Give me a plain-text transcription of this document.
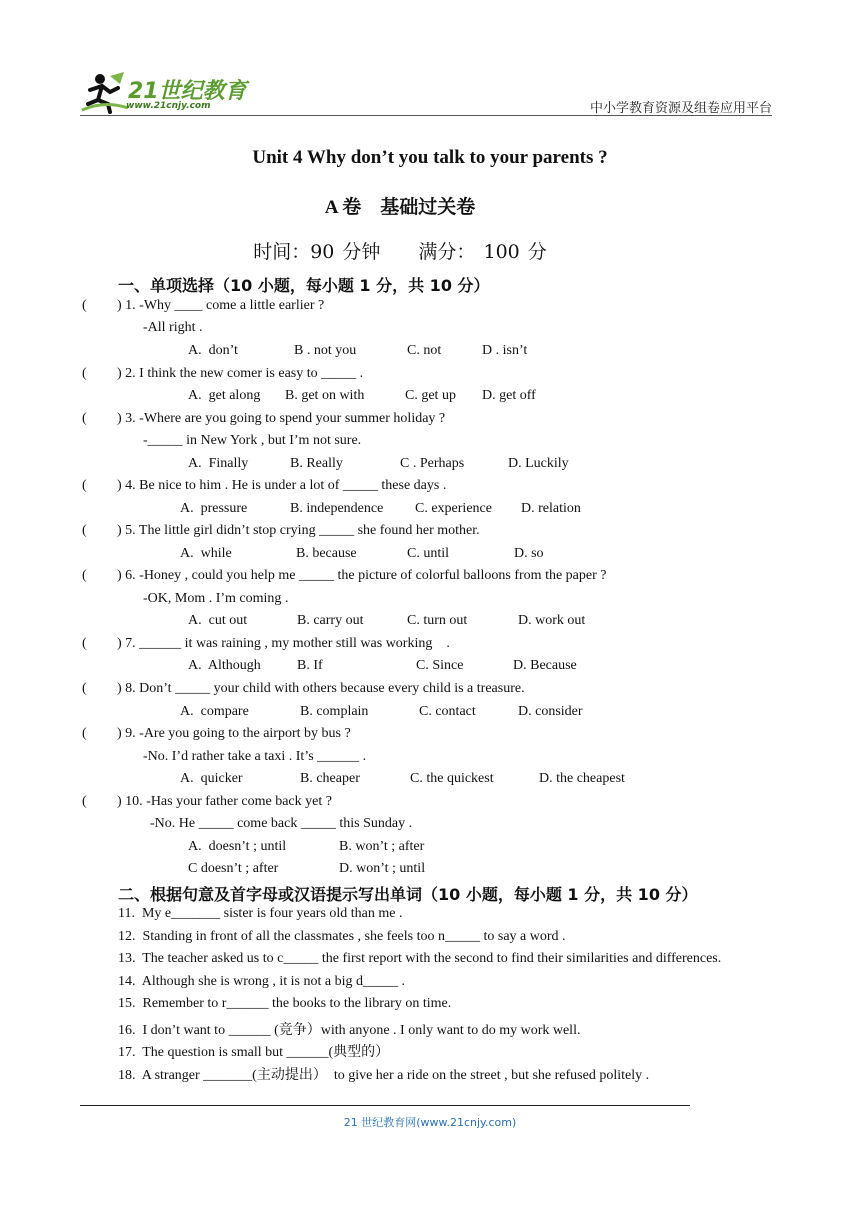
21世纪教育
www.21cnjy.com	中小学教育资源及组卷应用平台
Unit 4 Why don’t you talk to your parents ?
A 卷　基础过关卷
时间：90 分钟　　满分： 100 分
一、单项选择（10 小题，每小题 1 分，共 10 分）
( ) 1. -Why ____ come a little earlier ?
-All right .
A.  don’t	B . not you	C. not	D . isn’t
( ) 2. I think the new comer is easy to _____ .
A.  get along B. get on with	C. get up D. get off
( ) 3. -Where are you going to spend your summer holiday ?
-_____ in New York , but I’m not sure.
A.  Finally	B. Really	C . Perhaps	D. Luckily
( ) 4. Be nice to him . He is under a lot of _____ these days .
A.  pressure	B. independence C. experience D. relation
( ) 5. The little girl didn’t stop crying _____ she found her mother.
A.  while	B. because	C. until	D. so
( ) 6. -Honey , could you help me _____ the picture of colorful balloons from the paper ?
-OK, Mom . I’m coming .
A.  cut out	B. carry out	C. turn out	D. work out
( ) 7. ______ it was raining , my mother still was working    .
A.  Although	B. If	C. Since	D. Because
( ) 8. Don’t _____ your child with others because every child is a treasure.
A.  compare	B. complain	C. contact	D. consider
( ) 9. -Are you going to the airport by bus ?
-No. I’d rather take a taxi . It’s ______ .
A.  quicker	B. cheaper	C. the quickest	D. the cheapest
( ) 10. -Has your father come back yet ?
-No. He _____ come back _____ this Sunday .
A.  doesn’t ; until	B. won’t ; after
C doesn’t ; after	D. won’t ; until
二、根据句意及首字母或汉语提示写出单词（10 小题，每小题 1 分，共 10 分）
11.  My e_______ sister is four years old than me .
12.  Standing in front of all the classmates , she feels too n_____ to say a word .
13.  The teacher asked us to c_____ the first report with the second to find their similarities and differences.
14.  Although she is wrong , it is not a big d_____ .
15.  Remember to r______ the books to the library on time.
16.  I don’t want to ______ (竞争）with anyone . I only want to do my work well.
17.  The question is small but ______(典型的）
18.  A stranger _______(主动提出）  to give her a ride on the street , but she refused politely .
21 世纪教育网(www.21cnjy.com)
